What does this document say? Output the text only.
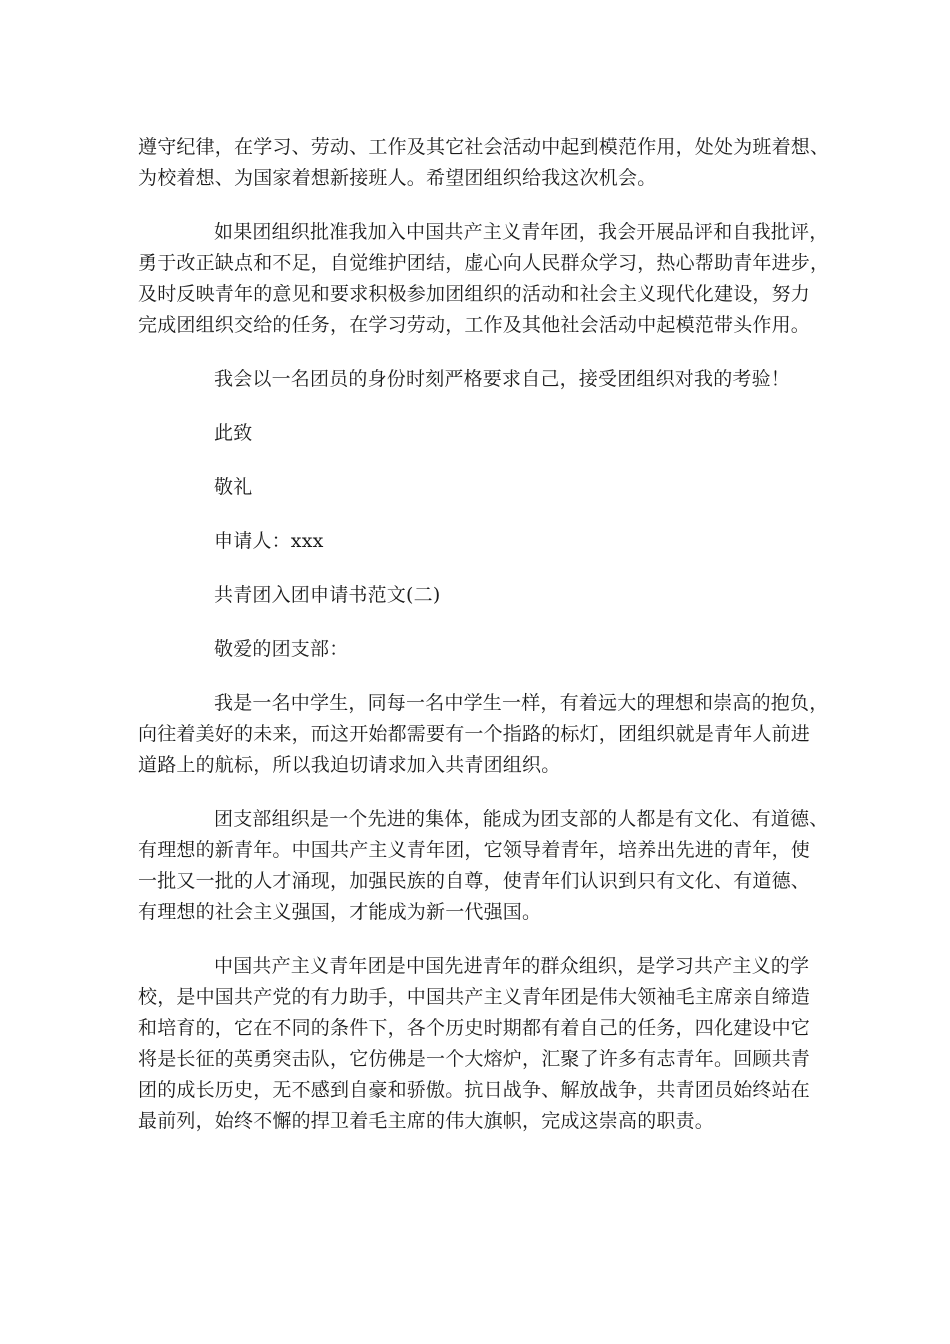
遵守纪律，在学习、劳动、工作及其它社会活动中起到模范作用，处处为班着想、
为校着想、为国家着想新接班人。希望团组织给我这次机会。

如果团组织批准我加入中国共产主义青年团，我会开展品评和自我批评，
勇于改正缺点和不足，自觉维护团结，虚心向人民群众学习，热心帮助青年进步，
及时反映青年的意见和要求积极参加团组织的活动和社会主义现代化建设，努力
完成团组织交给的任务，在学习劳动，工作及其他社会活动中起模范带头作用。

我会以一名团员的身份时刻严格要求自己，接受团组织对我的考验！

此致

敬礼

申请人：xxx

共青团入团申请书范文(二)

敬爱的团支部：

我是一名中学生，同每一名中学生一样，有着远大的理想和崇高的抱负，
向往着美好的未来，而这开始都需要有一个指路的标灯，团组织就是青年人前进
道路上的航标，所以我迫切请求加入共青团组织。

团支部组织是一个先进的集体，能成为团支部的人都是有文化、有道德、
有理想的新青年。中国共产主义青年团，它领导着青年，培养出先进的青年，使
一批又一批的人才涌现，加强民族的自尊，使青年们认识到只有文化、有道德、
有理想的社会主义强国，才能成为新一代强国。

中国共产主义青年团是中国先进青年的群众组织，是学习共产主义的学
校，是中国共产党的有力助手，中国共产主义青年团是伟大领袖毛主席亲自缔造
和培育的，它在不同的条件下，各个历史时期都有着自己的任务，四化建设中它
将是长征的英勇突击队，它仿佛是一个大熔炉，汇聚了许多有志青年。回顾共青
团的成长历史，无不感到自豪和骄傲。抗日战争、解放战争，共青团员始终站在
最前列，始终不懈的捍卫着毛主席的伟大旗帜，完成这崇高的职责。
